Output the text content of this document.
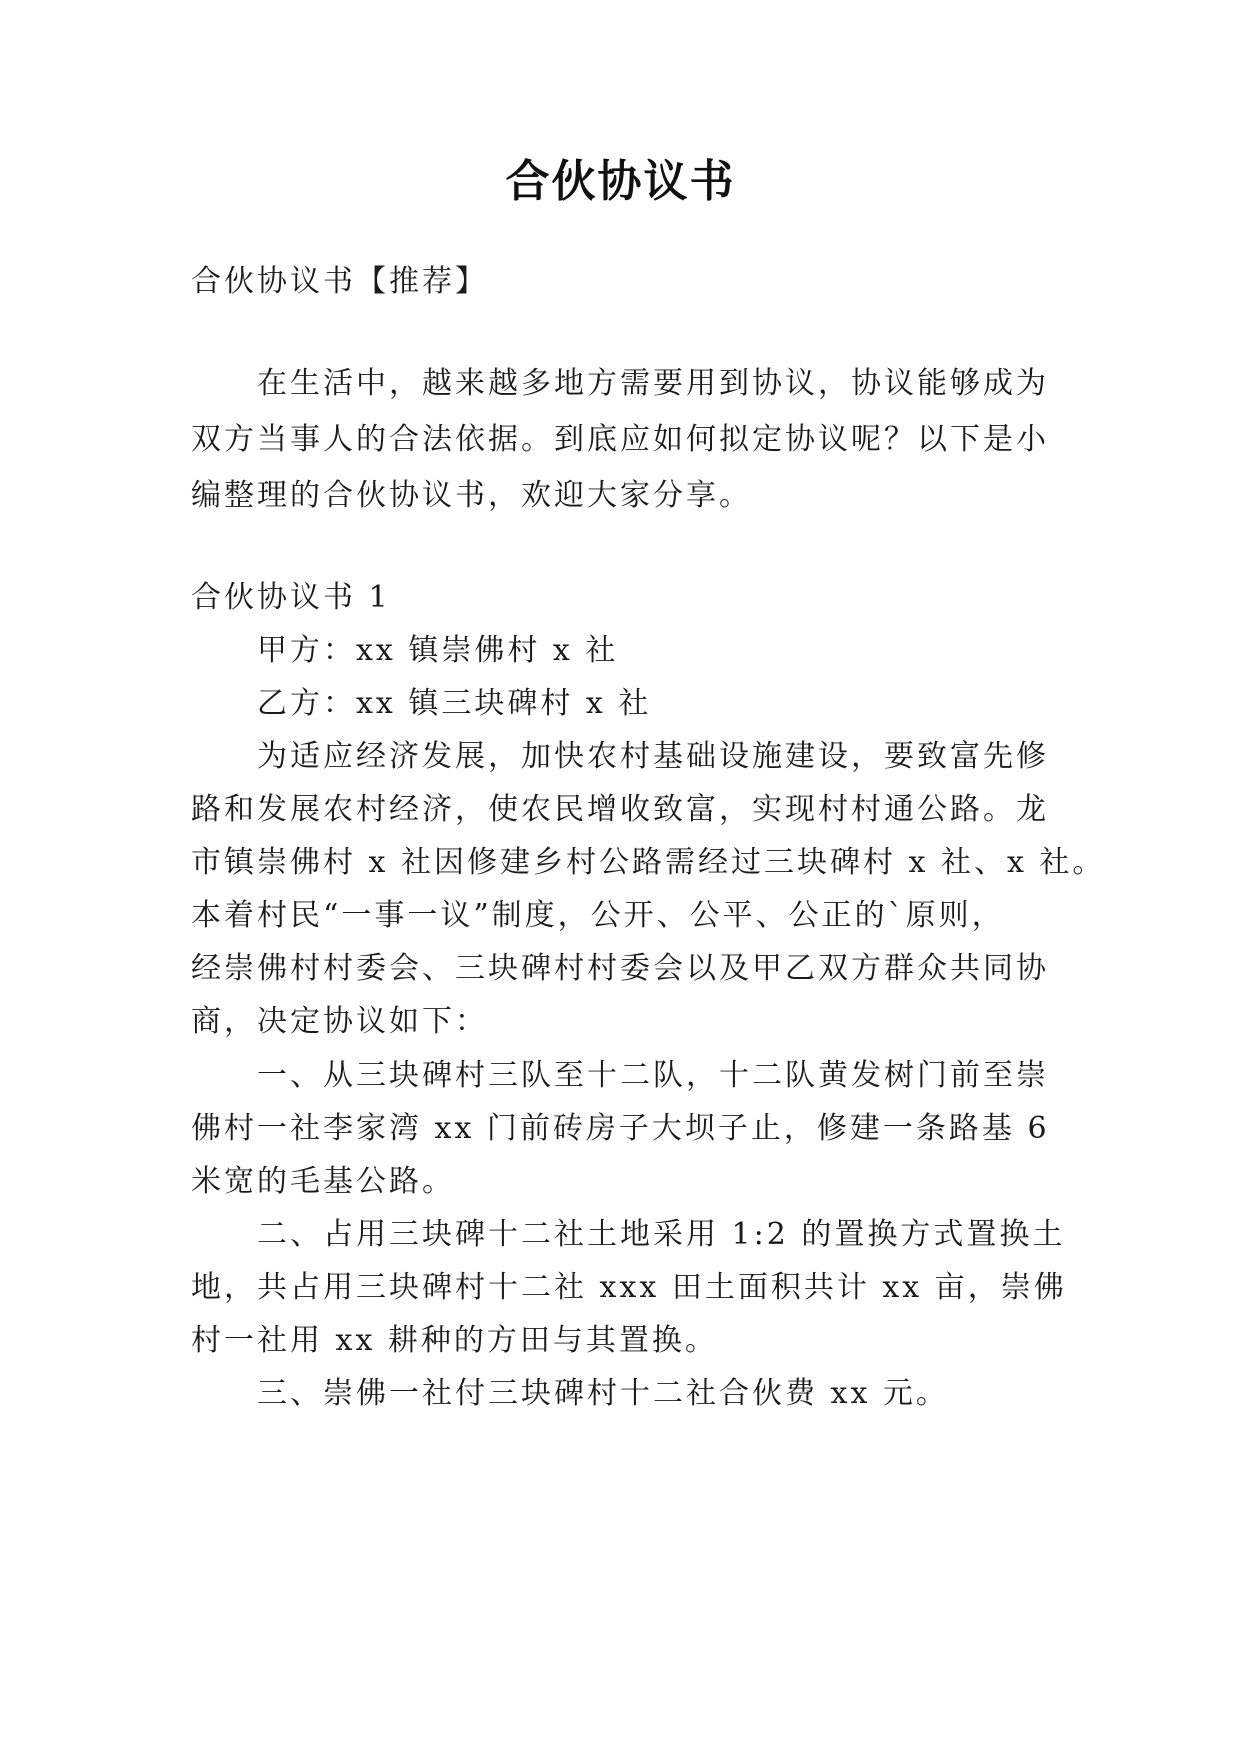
合伙协议书
合伙协议书【推荐】
在生活中，越来越多地方需要用到协议，协议能够成为
双方当事人的合法依据。到底应如何拟定协议呢？以下是小
编整理的合伙协议书，欢迎大家分享。
合伙协议书 1
甲方：xx 镇崇佛村 x 社
乙方：xx 镇三块碑村 x 社
为适应经济发展，加快农村基础设施建设，要致富先修
路和发展农村经济，使农民增收致富，实现村村通公路。龙
市镇崇佛村 x 社因修建乡村公路需经过三块碑村 x 社、x 社。
本着村民“一事一议”制度，公开、公平、公正的`原则，
经崇佛村村委会、三块碑村村委会以及甲乙双方群众共同协
商，决定协议如下：
一、从三块碑村三队至十二队，十二队黄发树门前至崇
佛村一社李家湾 xx 门前砖房子大坝子止，修建一条路基 6
米宽的毛基公路。
二、占用三块碑十二社土地采用 1:2 的置换方式置换土
地，共占用三块碑村十二社 xxx 田土面积共计 xx 亩，崇佛
村一社用 xx 耕种的方田与其置换。
三、崇佛一社付三块碑村十二社合伙费 xx 元。
